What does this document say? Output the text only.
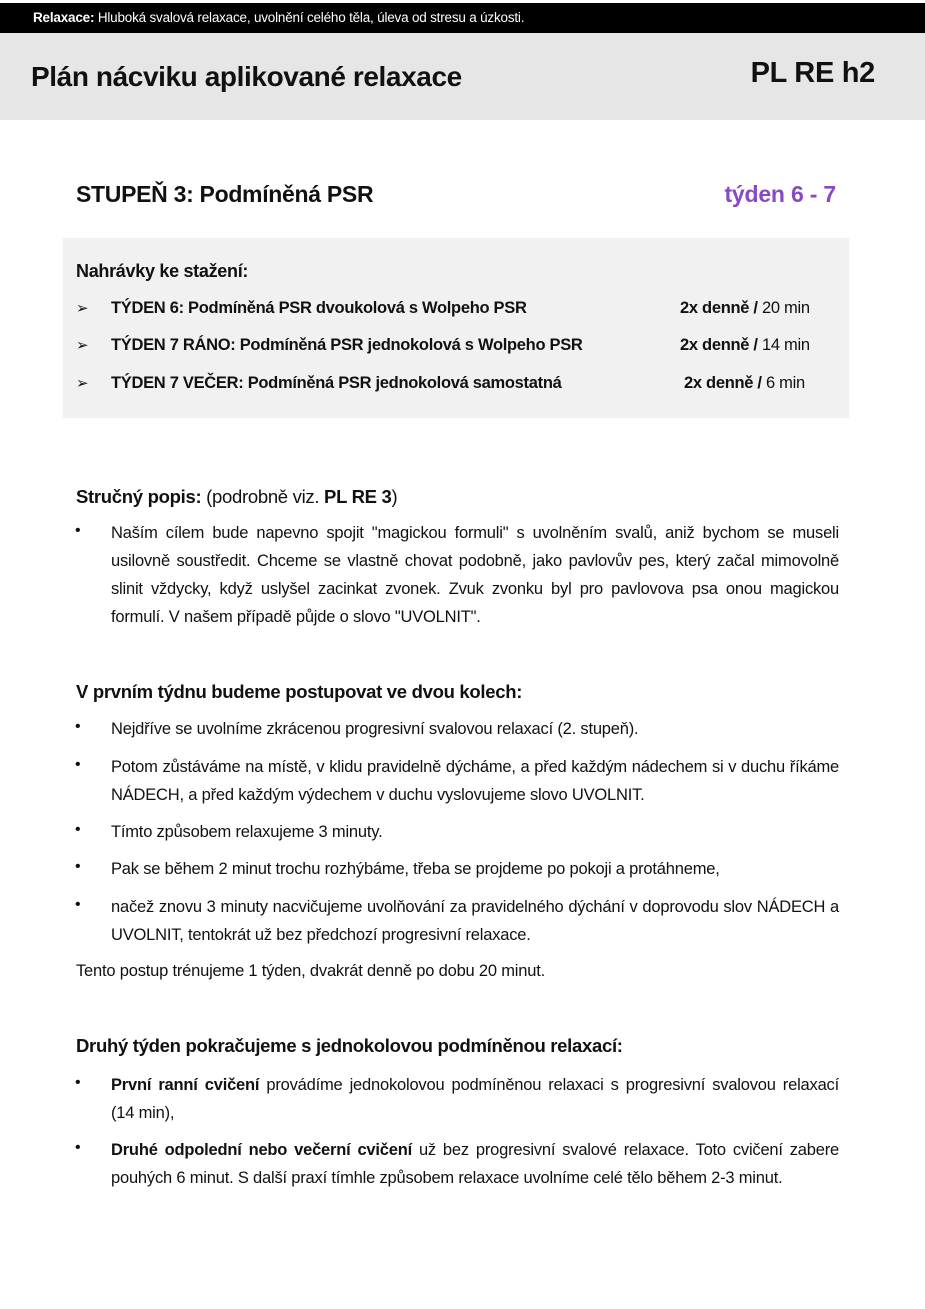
Relaxace: Hluboká svalová relaxace, uvolnění celého těla, úleva od stresu a úzkosti.
Plán nácviku aplikované relaxace	PL RE h2
STUPEŇ 3: Podmíněná PSR	týden 6 - 7
Nahrávky ke stažení:
➢ TÝDEN 6: Podmíněná PSR dvoukolová s Wolpeho PSR	2x denně / 20 min
➢ TÝDEN 7 RÁNO: Podmíněná PSR jednokolová s Wolpeho PSR	2x denně / 14 min
➢ TÝDEN 7 VEČER: Podmíněná PSR jednokolová samostatná	2x denně / 6 min
Stručný popis: (podrobně viz. PL RE 3)
• Naším cílem bude napevno spojit "magickou formuli" s uvolněním svalů, aniž bychom se museli usilovně soustředit. Chceme se vlastně chovat podobně, jako pavlovův pes, který začal mimovolně slinit vždycky, když uslyšel zacinkat zvonek. Zvuk zvonku byl pro pavlovova psa onou magickou formulí. V našem případě půjde o slovo "UVOLNIT".
V prvním týdnu budeme postupovat ve dvou kolech:
• Nejdříve se uvolníme zkrácenou progresivní svalovou relaxací (2. stupeň).
• Potom zůstáváme na místě, v klidu pravidelně dýcháme, a před každým nádechem si v duchu říkáme NÁDECH, a před každým výdechem v duchu vyslovujeme slovo UVOLNIT.
• Tímto způsobem relaxujeme 3 minuty.
• Pak se během 2 minut trochu rozhýbáme, třeba se projdeme po pokoji a protáhneme,
• načež znovu 3 minuty nacvičujeme uvolňování za pravidelného dýchání v doprovodu slov NÁDECH a UVOLNIT, tentokrát už bez předchozí progresivní relaxace.
Tento postup trénujeme 1 týden, dvakrát denně po dobu 20 minut.
Druhý týden pokračujeme s jednokolovou podmíněnou relaxací:
• První ranní cvičení provádíme jednokolovou podmíněnou relaxaci s progresivní svalovou relaxací (14 min),
• Druhé odpolední nebo večerní cvičení už bez progresivní svalové relaxace. Toto cvičení zabere pouhých 6 minut. S další praxí tímhle způsobem relaxace uvolníme celé tělo během 2-3 minut.
